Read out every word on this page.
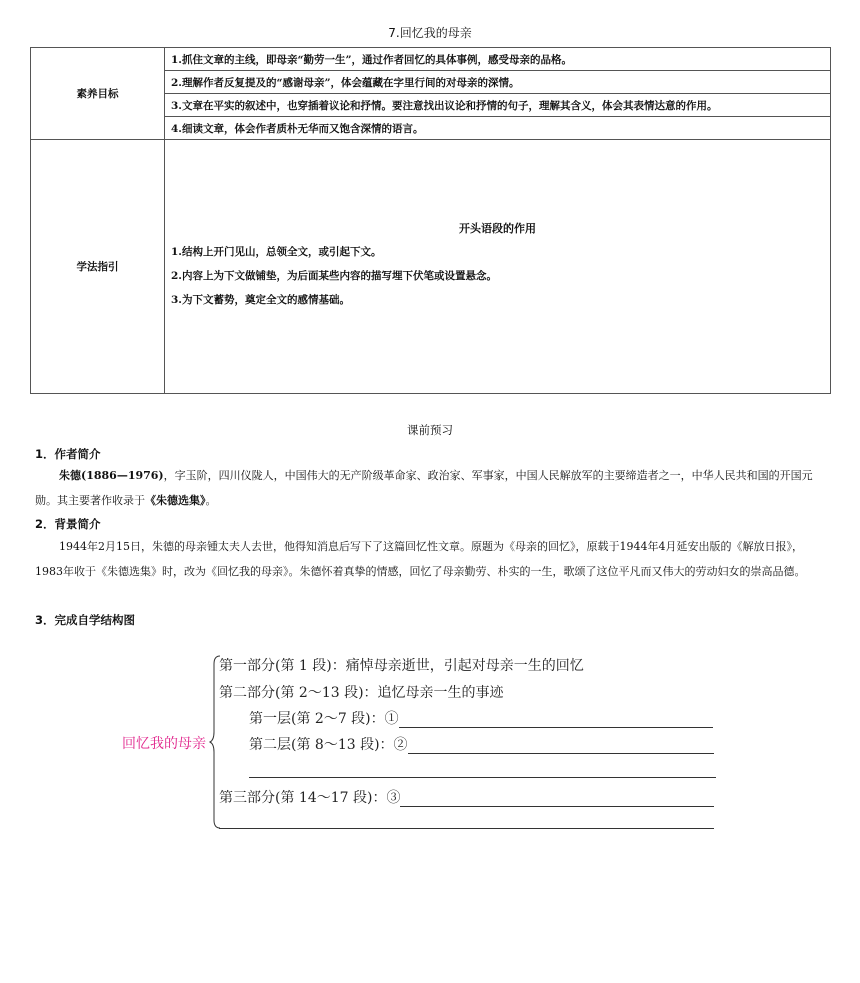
7.回忆我的母亲
素养目标	1.抓住文章的主线，即母亲“勤劳一生”，通过作者回忆的具体事例，感受母亲的品格。
	2.理解作者反复提及的“感谢母亲”，体会蕴藏在字里行间的对母亲的深情。
	3.文章在平实的叙述中，也穿插着议论和抒情。要注意找出议论和抒情的句子，理解其含义，体会其表情达意的作用。
	4.细读文章，体会作者质朴无华而又饱含深情的语言。
学法指引	开头语段的作用
1.结构上开门见山，总领全文，或引起下文。
2.内容上为下文做铺垫，为后面某些内容的描写埋下伏笔或设置悬念。
3.为下文蓄势，奠定全文的感情基础。
课前预习
1．作者简介
朱德(1886—1976)，字玉阶，四川仪陇人，中国伟大的无产阶级革命家、政治家、军事家，中国人民解放军的主要缔造者之一，中华人民共和国的开国元勋。其主要著作收录于《朱德选集》。
2．背景简介
1944年2月15日，朱德的母亲锺太夫人去世，他得知消息后写下了这篇回忆性文章。原题为《母亲的回忆》，原载于1944年4月延安出版的《解放日报》，1983年收于《朱德选集》时，改为《回忆我的母亲》。朱德怀着真挚的情感，回忆了母亲勤劳、朴实的一生，歌颂了这位平凡而又伟大的劳动妇女的崇高品德。
3．完成自学结构图
回忆我的母亲
第一部分(第 1 段)：痛悼母亲逝世，引起对母亲一生的回忆
第二部分(第 2～13 段)：追忆母亲一生的事迹
第一层(第 2～7 段)：①
第二层(第 8～13 段)：②
第三部分(第 14～17 段)：③
